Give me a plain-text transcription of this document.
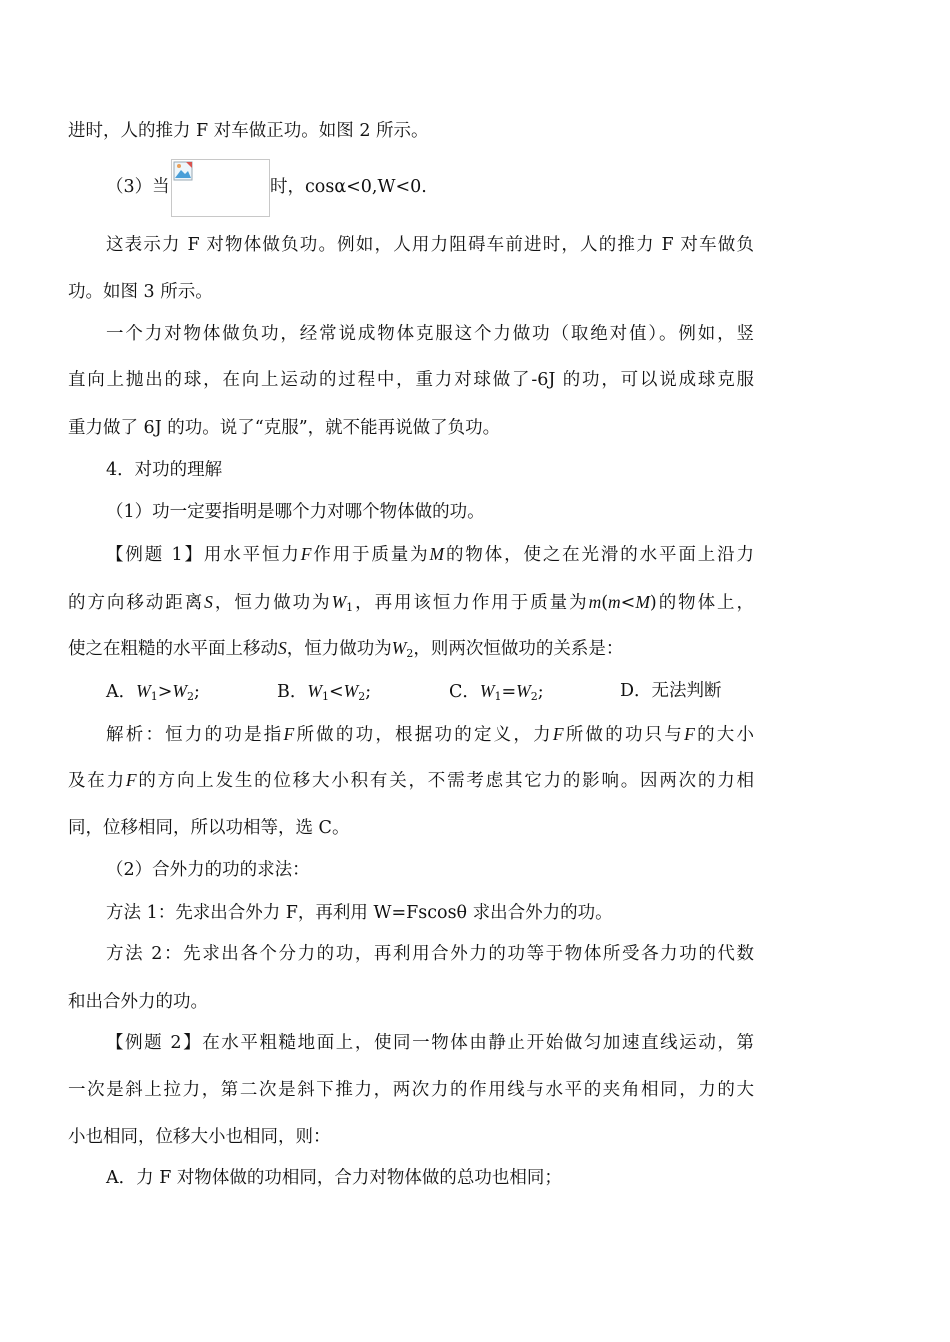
进时，人的推力 F 对车做正功。如图 2 所示。
（3）当	时，cosα<0,W<0.
这表示力 F 对物体做负功。例如，人用力阻碍车前进时，人的推力 F 对车做负
功。如图 3 所示。
一个力对物体做负功，经常说成物体克服这个力做功（取绝对值）。例如，竖
直向上抛出的球，在向上运动的过程中，重力对球做了-6J 的功，可以说成球克服
重力做了 6J 的功。说了“克服”，就不能再说做了负功。
4．对功的理解
（1）功一定要指明是哪个力对哪个物体做的功。
【例题 1】用水平恒力F作用于质量为M的物体，使之在光滑的水平面上沿力
的方向移动距离S，恒力做功为$W_1$，再用该恒力作用于质量为m(m<M)的物体上，
使之在粗糙的水平面上移动S，恒力做功为$W_2$，则两次恒做功的关系是：
A．$W_1>W_2$;	B．$W_1<W_2$;	C．$W_1=W_2$;	D．无法判断
解析：恒力的功是指F所做的功，根据功的定义，力F所做的功只与F的大小
及在力F的方向上发生的位移大小积有关，不需考虑其它力的影响。因两次的力相
同，位移相同，所以功相等，选 C。
（2）合外力的功的求法：
方法 1：先求出合外力 F，再利用 W=Fscosθ 求出合外力的功。
方法 2：先求出各个分力的功，再利用合外力的功等于物体所受各力功的代数
和出合外力的功。
【例题 2】在水平粗糙地面上，使同一物体由静止开始做匀加速直线运动，第
一次是斜上拉力，第二次是斜下推力，两次力的作用线与水平的夹角相同，力的大
小也相同，位移大小也相同，则：
A．力 F 对物体做的功相同，合力对物体做的总功也相同；
